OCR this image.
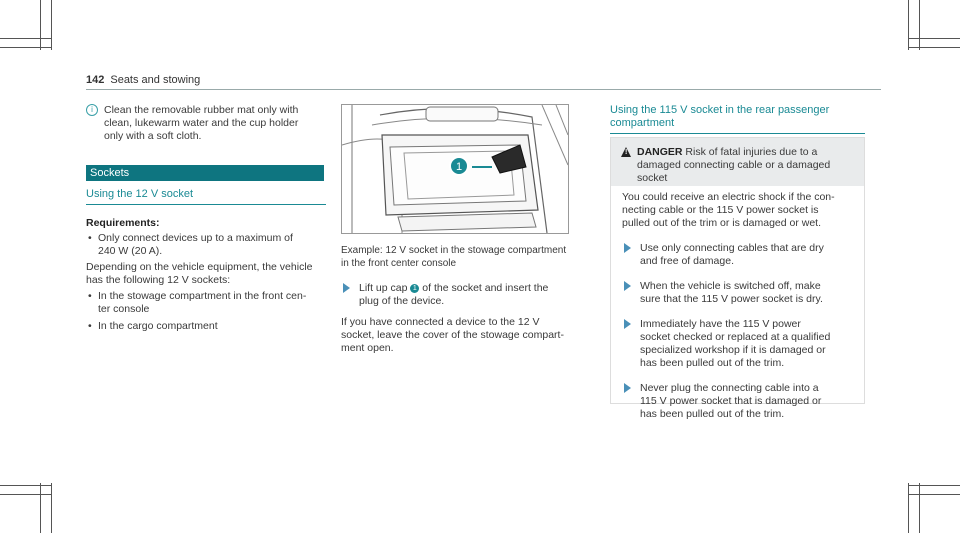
142 Seats and stowing
i	Clean the removable rubber mat only with
clean, lukewarm water and the cup holder
only with a soft cloth.
Sockets
Using the 12 V socket
Requirements:
• Only connect devices up to a maximum of
240 W (20 A).
Depending on the vehicle equipment, the vehicle
has the following 12 V sockets:
• In the stowage compartment in the front cen-
ter console
• In the cargo compartment
1
Example: 12 V socket in the stowage compartment
in the front center console
Lift up cap 1 of the socket and insert the
plug of the device.
If you have connected a device to the 12 V
socket, leave the cover of the stowage compart-
ment open.
Using the 115 V socket in the rear passenger
compartment
! DANGER Risk of fatal injuries due to a
damaged connecting cable or a damaged
socket
You could receive an electric shock if the con-
necting cable or the 115 V power socket is
pulled out of the trim or is damaged or wet.
Use only connecting cables that are dry
and free of damage.
When the vehicle is switched off, make
sure that the 115 V power socket is dry.
Immediately have the 115 V power
socket checked or replaced at a qualified
specialized workshop if it is damaged or
has been pulled out of the trim.
Never plug the connecting cable into a
115 V power socket that is damaged or
has been pulled out of the trim.
